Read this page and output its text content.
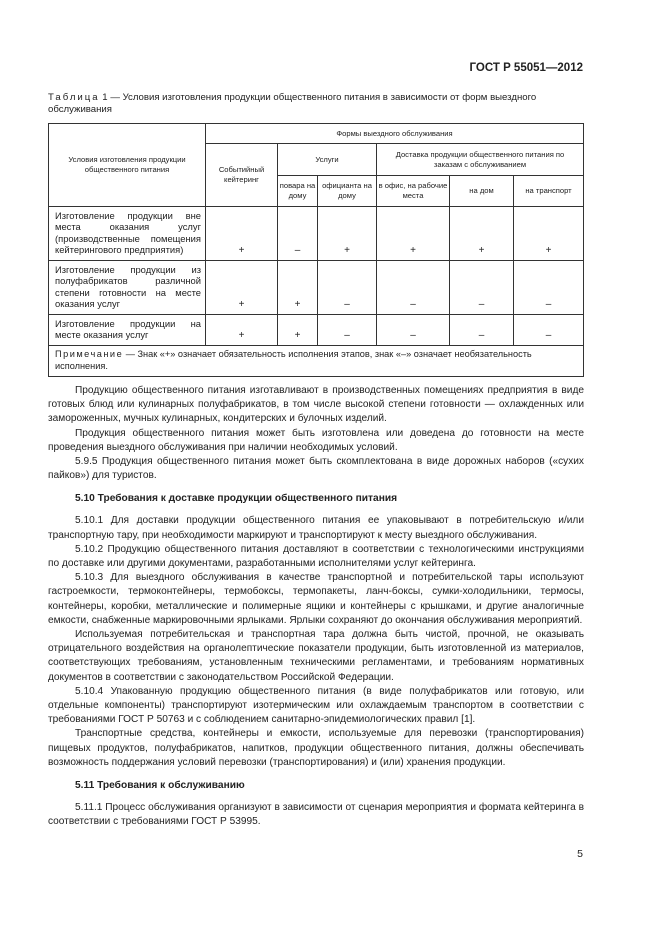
ГОСТ Р 55051—2012
Таблица 1 — Условия изготовления продукции общественного питания в зависимости от форм выездного обслуживания
Условия изготовления продукции общественного питания	Формы выездного обслуживания					
	Событийный кейтеринг	Услуги		Доставка продукции общественного питания по заказам с обслуживанием		
		повара на дому	официанта на дому	в офис, на рабочие места	на дом	на транспорт
Изготовление продукции вне места оказания услуг (производственные помещения кейтерингового предприятия)	+	–	+	+	+	+
Изготовление продукции из полуфабрикатов различной степени готовности на месте оказания услуг	+	+	–	–	–	–
Изготовление продукции на месте оказания услуг	+	+	–	–	–	–
Примечание — Знак «+» означает обязательность исполнения этапов, знак «–» означает необязательность исполнения.						

Продукцию общественного питания изготавливают в производственных помещениях предприятия в виде готовых блюд или кулинарных полуфабрикатов, в том числе высокой степени готовности — охлажденных или замороженных, мучных кулинарных, кондитерских и булочных изделий.

Продукция общественного питания может быть изготовлена или доведена до готовности на месте проведения выездного обслуживания при наличии необходимых условий.

5.9.5 Продукция общественного питания может быть скомплектована в виде дорожных наборов («сухих пайков») для туристов.

5.10 Требования к доставке продукции общественного питания

5.10.1 Для доставки продукции общественного питания ее упаковывают в потребительскую и/или транспортную тару, при необходимости маркируют и транспортируют к месту выездного обслуживания.

5.10.2 Продукцию общественного питания доставляют в соответствии с технологическими инструкциями по доставке или другими документами, разработанными исполнителями услуг кейтеринга.

5.10.3 Для выездного обслуживания в качестве транспортной и потребительской тары используют гастроемкости, термоконтейнеры, термобоксы, термопакеты, ланч-боксы, сумки-холодильники, термосы, контейнеры, коробки, металлические и полимерные ящики и контейнеры с крышками, и другие аналогичные емкости, снабженные маркировочными ярлыками. Ярлыки сохраняют до окончания обслуживания мероприятий.

Используемая потребительская и транспортная тара должна быть чистой, прочной, не оказывать отрицательного воздействия на органолептические показатели продукции, быть изготовленной из материалов, соответствующих требованиям, установленным техническими регламентами, и требованиям нормативных документов в соответствии с законодательством Российской Федерации.

5.10.4 Упакованную продукцию общественного питания (в виде полуфабрикатов или готовую, или отдельные компоненты) транспортируют изотермическим или охлаждаемым транспортом в соответствии с требованиями ГОСТ Р 50763 и с соблюдением санитарно-эпидемиологических правил [1].

Транспортные средства, контейнеры и емкости, используемые для перевозки (транспортирования) пищевых продуктов, полуфабрикатов, напитков, продукции общественного питания, должны обеспечивать возможность поддержания условий перевозки (транспортирования) и (или) хранения продукции.

5.11 Требования к обслуживанию

5.11.1 Процесс обслуживания организуют в зависимости от сценария мероприятия и формата кейтеринга в соответствии с требованиями ГОСТ Р 53995.

5
